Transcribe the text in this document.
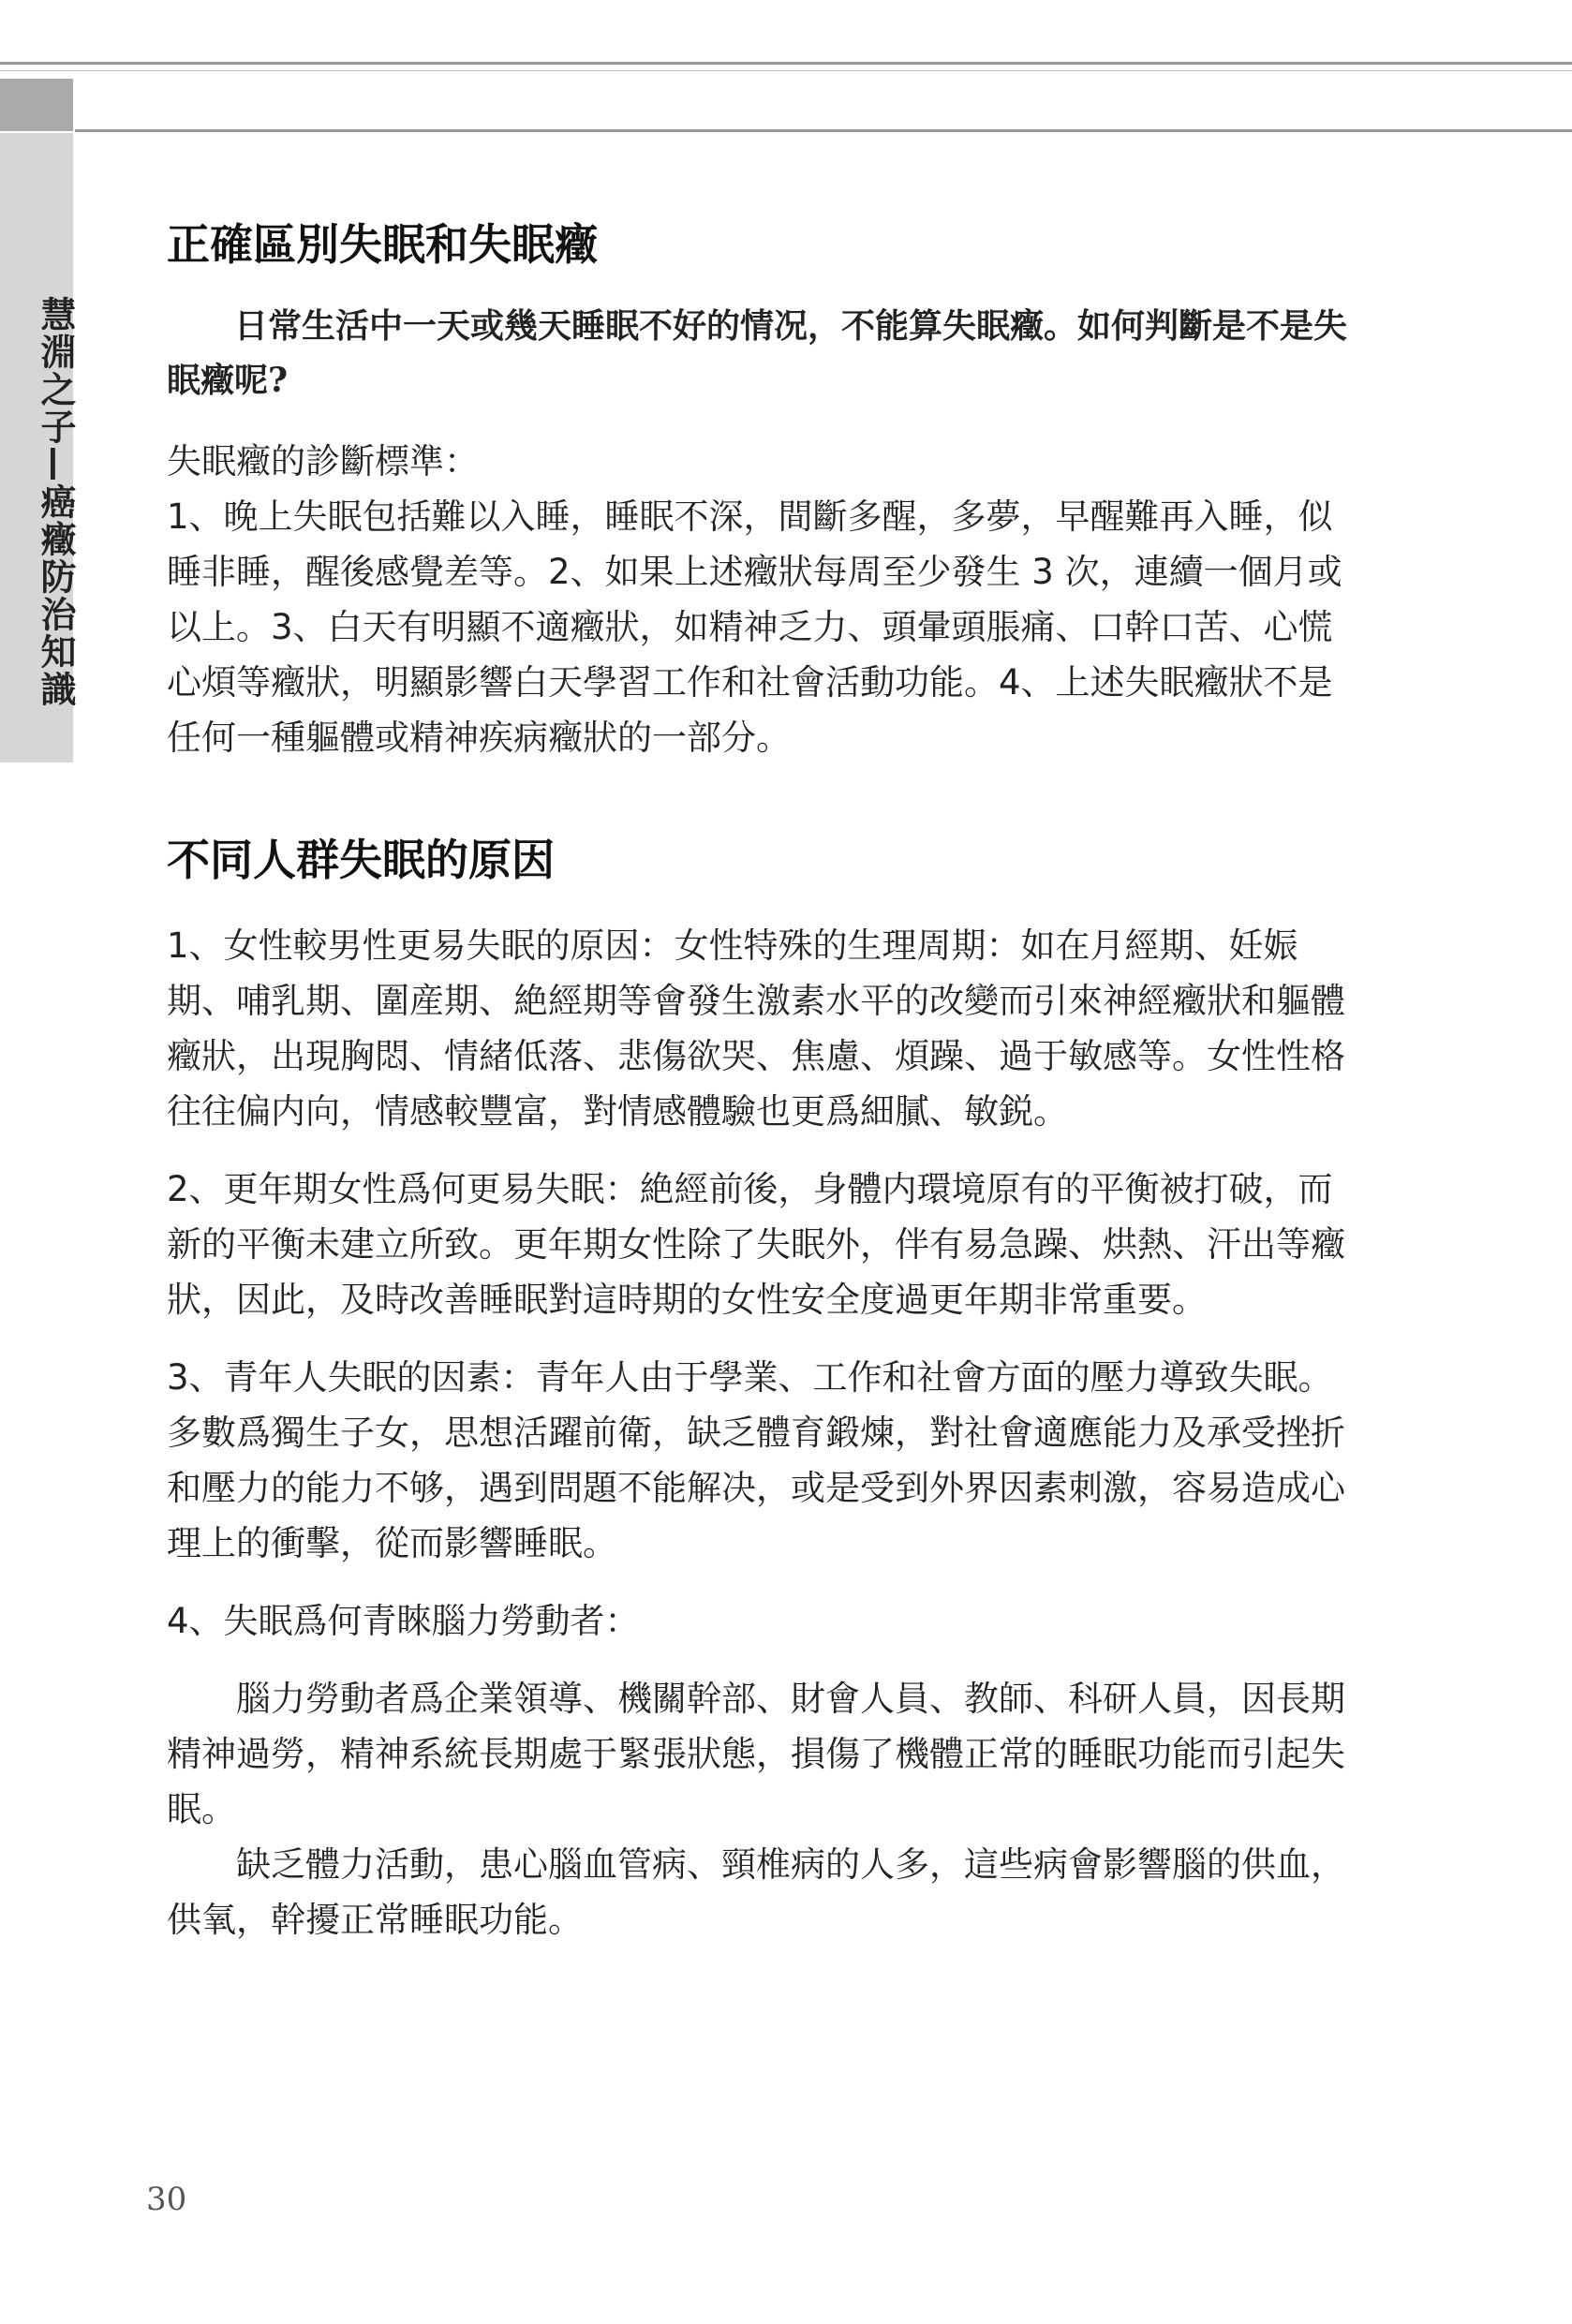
慧淵之子—癌癥防治知識
正確區別失眠和失眠癥

日常生活中一天或幾天睡眠不好的情况，不能算失眠癥。如何判斷是不是失眠癥呢?

失眠癥的診斷標準：

1、晚上失眠包括難以入睡，睡眠不深，間斷多醒，多夢，早醒難再入睡，似睡非睡，醒後感覺差等。2、如果上述癥狀每周至少發生 3 次，連續一個月或以上。3、白天有明顯不適癥狀，如精神乏力、頭暈頭脹痛、口幹口苦、心慌心煩等癥狀，明顯影響白天學習工作和社會活動功能。4、上述失眠癥狀不是任何一種軀體或精神疾病癥狀的一部分。

不同人群失眠的原因

1、女性較男性更易失眠的原因：女性特殊的生理周期：如在月經期、妊娠期、哺乳期、圍産期、絶經期等會發生激素水平的改變而引來神經癥狀和軀體癥狀，出現胸悶、情緒低落、悲傷欲哭、焦慮、煩躁、過于敏感等。女性性格往往偏内向，情感較豐富，對情感體驗也更爲細膩、敏鋭。

2、更年期女性爲何更易失眠：絶經前後，身體内環境原有的平衡被打破，而新的平衡未建立所致。更年期女性除了失眠外，伴有易急躁、烘熱、汗出等癥狀，因此，及時改善睡眠對這時期的女性安全度過更年期非常重要。

3、青年人失眠的因素：青年人由于學業、工作和社會方面的壓力導致失眠。多數爲獨生子女，思想活躍前衛，缺乏體育鍛煉，對社會適應能力及承受挫折和壓力的能力不够，遇到問題不能解决，或是受到外界因素刺激，容易造成心理上的衝擊，從而影響睡眠。

4、失眠爲何青睞腦力勞動者：

腦力勞動者爲企業領導、機關幹部、財會人員、教師、科研人員，因長期精神過勞，精神系統長期處于緊張狀態，損傷了機體正常的睡眠功能而引起失眠。

缺乏體力活動，患心腦血管病、頸椎病的人多，這些病會影響腦的供血，供氧，幹擾正常睡眠功能。

30
